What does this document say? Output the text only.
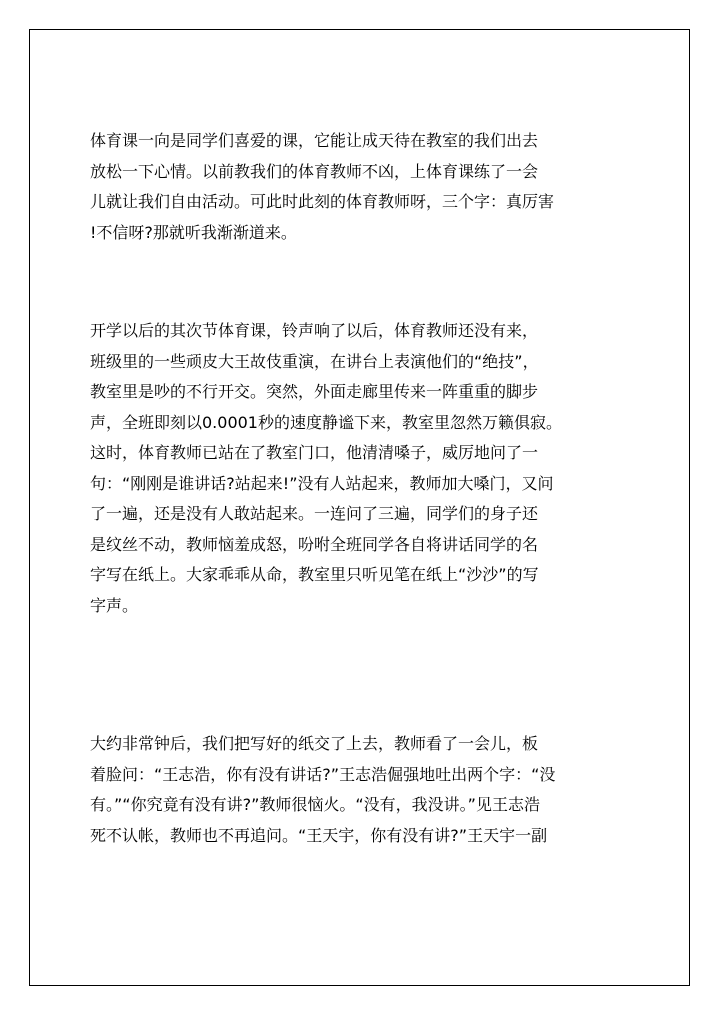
体育课一向是同学们喜爱的课，它能让成天待在教室的我们出去
放松一下心情。以前教我们的体育教师不凶，上体育课练了一会
儿就让我们自由活动。可此时此刻的体育教师呀，三个字：真厉害
!不信呀?那就听我渐渐道来。
开学以后的其次节体育课，铃声响了以后，体育教师还没有来，
班级里的一些顽皮大王故伎重演，在讲台上表演他们的“绝技”，
教室里是吵的不行开交。突然，外面走廊里传来一阵重重的脚步
声，全班即刻以0.0001秒的速度静谧下来，教室里忽然万籁俱寂。
这时，体育教师已站在了教室门口，他清清嗓子，威厉地问了一
句：“刚刚是谁讲话?站起来!”没有人站起来，教师加大嗓门，又问
了一遍，还是没有人敢站起来。一连问了三遍，同学们的身子还
是纹丝不动，教师恼羞成怒，吩咐全班同学各自将讲话同学的名
字写在纸上。大家乖乖从命，教室里只听见笔在纸上“沙沙”的写
字声。
大约非常钟后，我们把写好的纸交了上去，教师看了一会儿，板
着脸问：“王志浩，你有没有讲话?”王志浩倔强地吐出两个字：“没
有。”“你究竟有没有讲?”教师很恼火。“没有，我没讲。”见王志浩
死不认帐，教师也不再追问。“王天宇，你有没有讲?”王天宇一副
